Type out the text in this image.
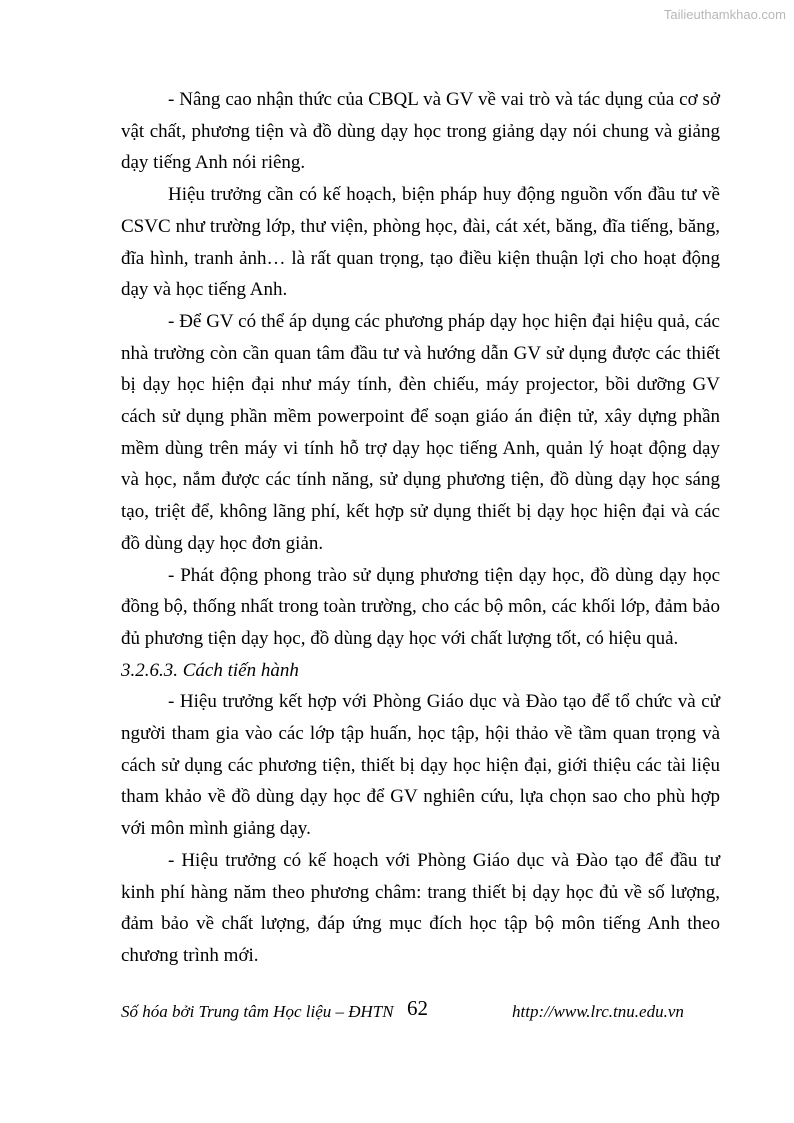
Tailieuthamkhao.com

- Nâng cao nhận thức của CBQL và GV về vai trò và tác dụng của cơ sở vật chất, phương tiện và đồ dùng dạy học trong giảng dạy nói chung và giảng dạy tiếng Anh nói riêng.

Hiệu trưởng cần có kế hoạch, biện pháp huy động nguồn vốn đầu tư về CSVC như trường lớp, thư viện, phòng học, đài, cát xét, băng, đĩa tiếng, băng, đĩa hình, tranh ảnh… là rất quan trọng, tạo điều kiện thuận lợi cho hoạt động dạy và học tiếng Anh.

- Để GV có thể áp dụng các phương pháp dạy học hiện đại hiệu quả, các nhà trường còn cần quan tâm đầu tư và hướng dẫn GV sử dụng được các thiết bị dạy học hiện đại như máy tính, đèn chiếu, máy projector, bồi dưỡng GV cách sử dụng phần mềm powerpoint để soạn giáo án điện tử, xây dựng phần mềm dùng trên máy vi tính hỗ trợ dạy học tiếng Anh, quản lý hoạt động dạy và học, nắm được các tính năng, sử dụng phương tiện, đồ dùng dạy học sáng tạo, triệt để, không lãng phí, kết hợp sử dụng thiết bị dạy học hiện đại và các đồ dùng dạy học đơn giản.

- Phát động phong trào sử dụng phương tiện dạy học, đồ dùng dạy học đồng bộ, thống nhất trong toàn trường, cho các bộ môn, các khối lớp, đảm bảo đủ phương tiện dạy học, đồ dùng dạy học với chất lượng tốt, có hiệu quả.

3.2.6.3. Cách tiến hành

- Hiệu trưởng kết hợp với Phòng Giáo dục và Đào tạo để tổ chức và cử người tham gia vào các lớp tập huấn, học tập, hội thảo về tầm quan trọng và cách sử dụng các phương tiện, thiết bị dạy học hiện đại, giới thiệu các tài liệu tham khảo về đồ dùng dạy học để GV nghiên cứu, lựa chọn sao cho phù hợp với môn mình giảng dạy.

- Hiệu trưởng có kế hoạch với Phòng Giáo dục và Đào tạo để đầu tư kinh phí hàng năm theo phương châm: trang thiết bị dạy học đủ về số lượng, đảm bảo về chất lượng, đáp ứng mục đích học tập bộ môn tiếng Anh theo chương trình mới.

Số hóa bởi Trung tâm Học liệu – ĐHTN 62	http://www.lrc.tnu.edu.vn
